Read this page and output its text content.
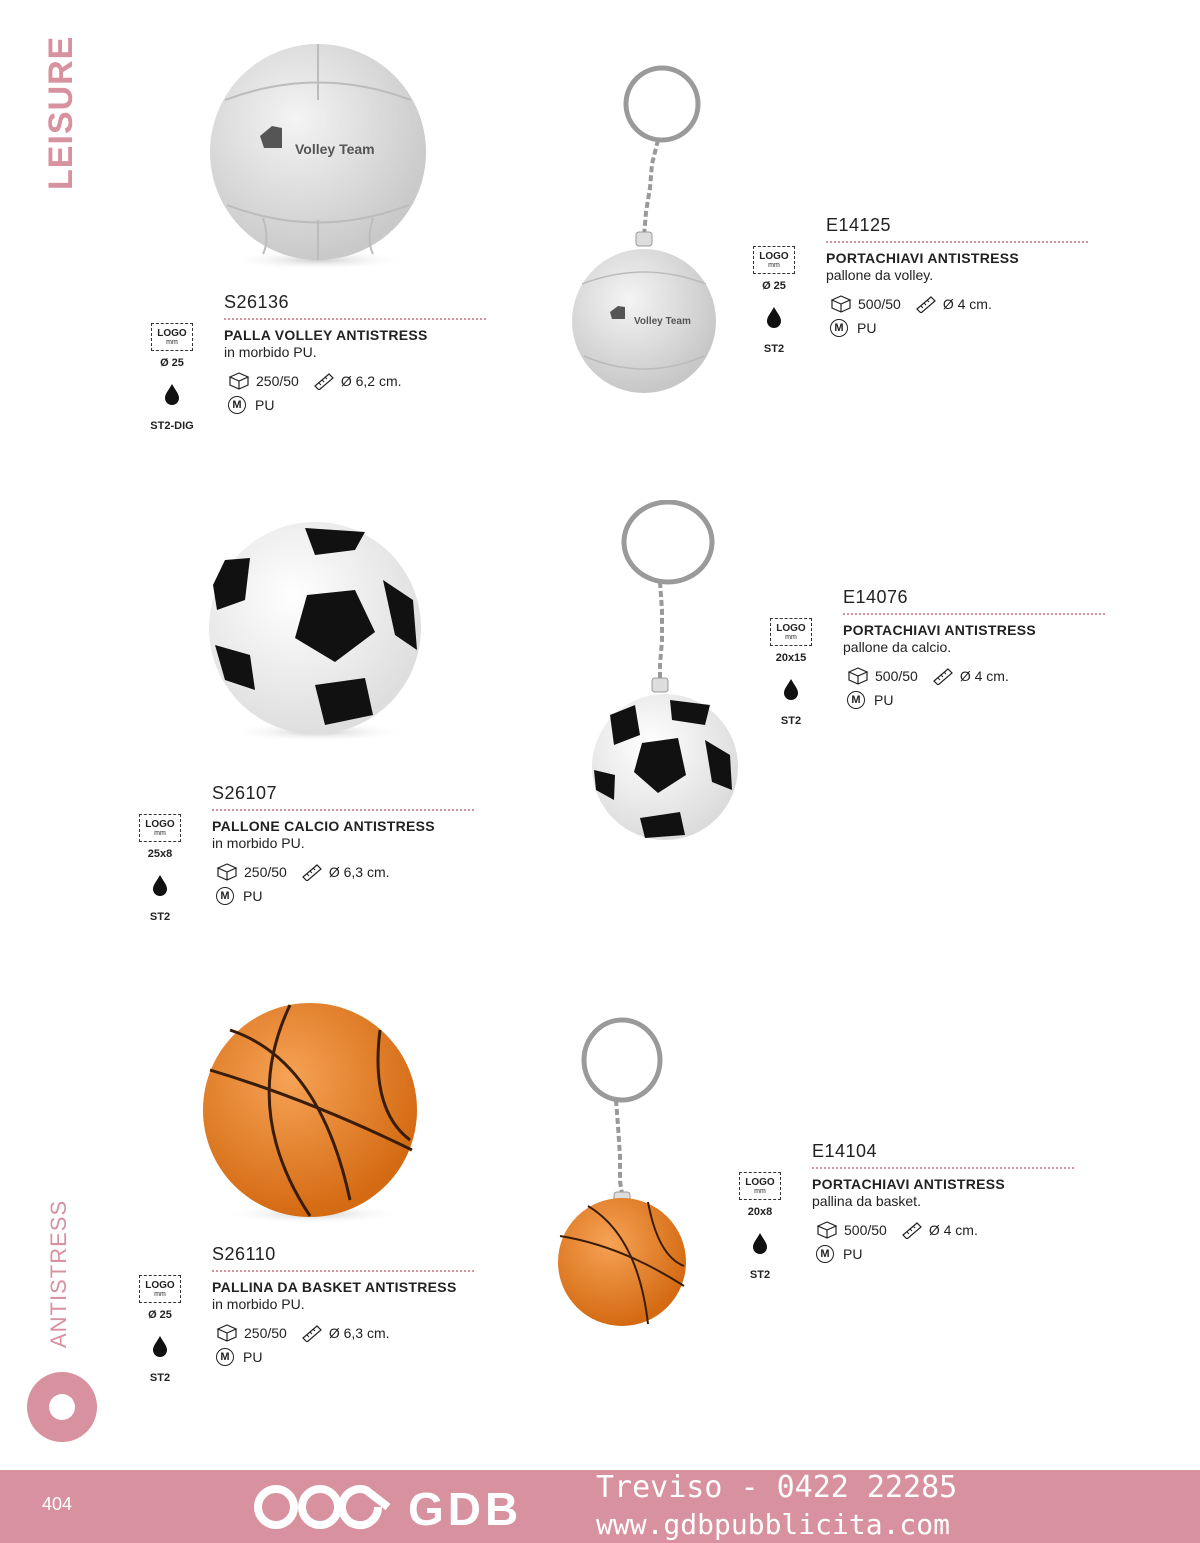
LEISURE
ANTISTRESS
Volley Team
Volley Team
S26136
PALLA VOLLEY ANTISTRESS
in morbido PU.
250/50	Ø 6,2 cm.
M PU
LOGO
mm
Ø 25
ST2-DIG
E14125
PORTACHIAVI ANTISTRESS
pallone da volley.
500/50	Ø 4 cm.
M PU
LOGO
mm
Ø 25
ST2
S26107
PALLONE CALCIO ANTISTRESS
in morbido PU.
250/50	Ø 6,3 cm.
M PU
LOGO
mm
25x8
ST2
E14076
PORTACHIAVI ANTISTRESS
pallone da calcio.
500/50	Ø 4 cm.
M PU
LOGO
mm
20x15
ST2
S26110
PALLINA DA BASKET ANTISTRESS
in morbido PU.
250/50	Ø 6,3 cm.
M PU
LOGO
mm
Ø 25
ST2
E14104
PORTACHIAVI ANTISTRESS
pallina da basket.
500/50	Ø 4 cm.
M PU
LOGO
mm
20x8
ST2
404	GDB Treviso - 0422 22285
www.gdbpubblicita.com
